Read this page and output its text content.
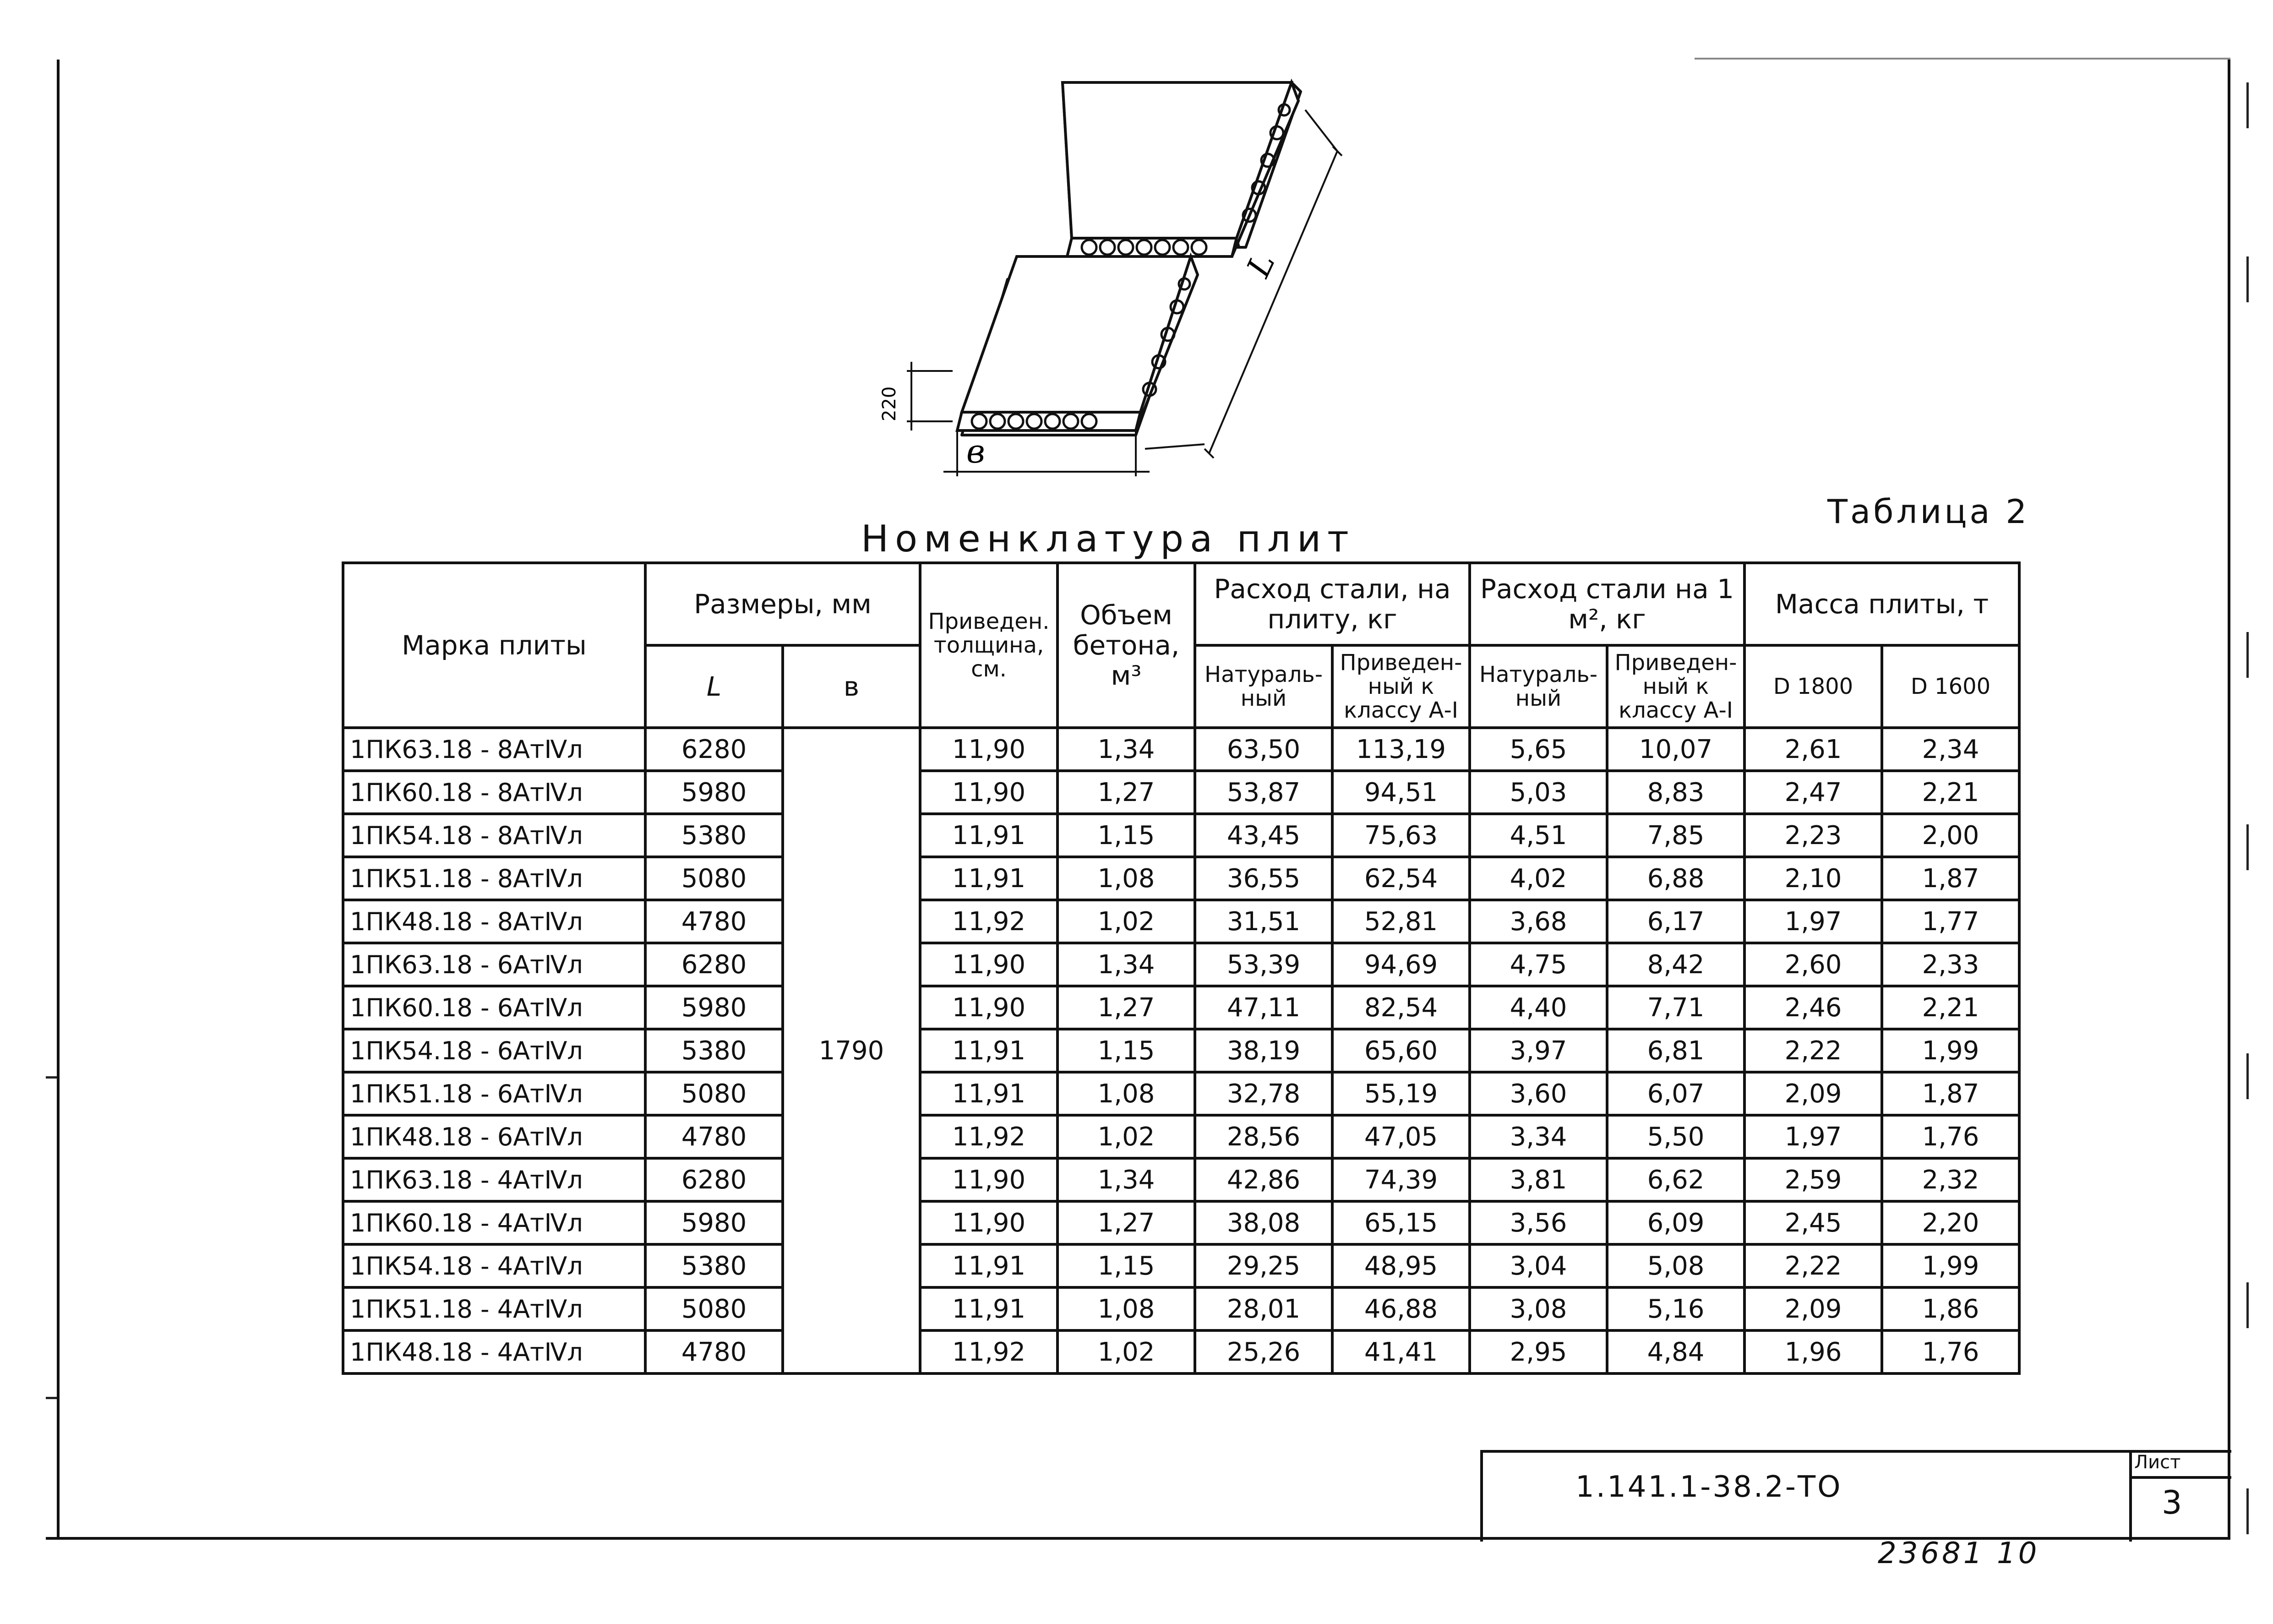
в
L
220
Номенклатура плит
Таблица 2
Марка плиты	Размеры, мм		Приведен. толщина, см.	Объем бетона, м³	Расход стали, на плиту, кг		Расход стали на 1 м², кг		Масса плиты, т	
	L	в			Натураль-ный	Приведен-ный к классу А-I	Натураль-ный	Приведен-ный к классу А-I	D 1800	D 1600
1ПК63.18 - 8АтⅣл	6280	1790	11,90	1,34	63,50	113,19	5,65	10,07	2,61	2,34
1ПК60.18 - 8АтⅣл	5980		11,90	1,27	53,87	94,51	5,03	8,83	2,47	2,21
1ПК54.18 - 8АтⅣл	5380		11,91	1,15	43,45	75,63	4,51	7,85	2,23	2,00
1ПК51.18 - 8АтⅣл	5080		11,91	1,08	36,55	62,54	4,02	6,88	2,10	1,87
1ПК48.18 - 8АтⅣл	4780		11,92	1,02	31,51	52,81	3,68	6,17	1,97	1,77
1ПК63.18 - 6АтⅣл	6280		11,90	1,34	53,39	94,69	4,75	8,42	2,60	2,33
1ПК60.18 - 6АтⅣл	5980		11,90	1,27	47,11	82,54	4,40	7,71	2,46	2,21
1ПК54.18 - 6АтⅣл	5380		11,91	1,15	38,19	65,60	3,97	6,81	2,22	1,99
1ПК51.18 - 6АтⅣл	5080		11,91	1,08	32,78	55,19	3,60	6,07	2,09	1,87
1ПК48.18 - 6АтⅣл	4780		11,92	1,02	28,56	47,05	3,34	5,50	1,97	1,76
1ПК63.18 - 4АтⅣл	6280		11,90	1,34	42,86	74,39	3,81	6,62	2,59	2,32
1ПК60.18 - 4АтⅣл	5980		11,90	1,27	38,08	65,15	3,56	6,09	2,45	2,20
1ПК54.18 - 4АтⅣл	5380		11,91	1,15	29,25	48,95	3,04	5,08	2,22	1,99
1ПК51.18 - 4АтⅣл	5080		11,91	1,08	28,01	46,88	3,08	5,16	2,09	1,86
1ПК48.18 - 4АтⅣл	4780		11,92	1,02	25,26	41,41	2,95	4,84	1,96	1,76
1.141.1-38.2-ТО
Лист
3
23681 10
